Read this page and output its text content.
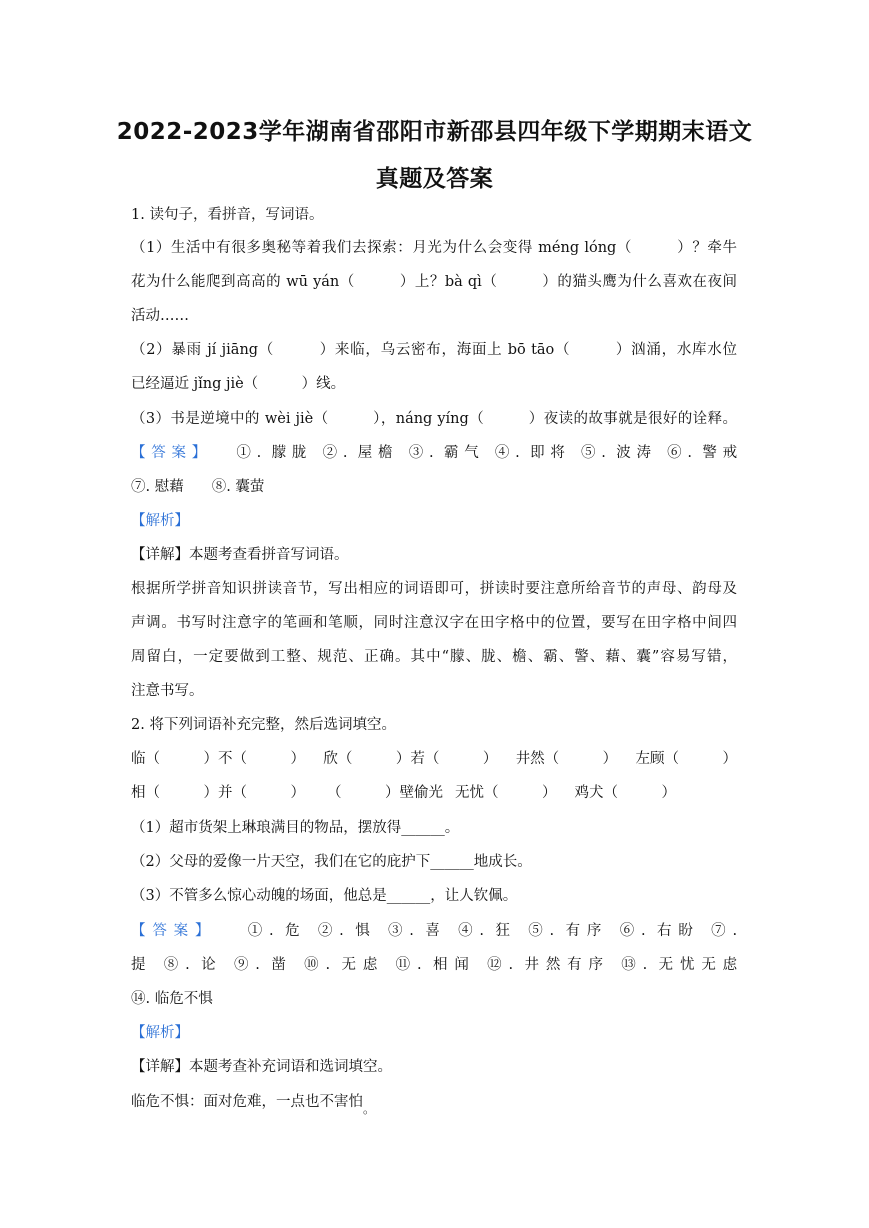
2022-2023学年湖南省邵阳市新邵县四年级下学期期末语文
真题及答案
1. 读句子，看拼音，写词语。
（1）生活中有很多奥秘等着我们去探索：月光为什么会变得 méng lóng（　　　）？牵牛
花为什么能爬到高高的 wū yán（　　　）上？bà qì（　　　）的猫头鹰为什么喜欢在夜间
活动……
（2）暴雨 jí jiāng（　　　）来临，乌云密布，海面上 bō tāo（　　　）汹涌，水库水位
已经逼近 jǐng jiè（　　　）线。
（3）书是逆境中的 wèi jiè（　　　），náng yíng（　　　）夜读的故事就是很好的诠释。
【答案】 ①. 朦胧 ②. 屋檐 ③. 霸气 ④. 即将 ⑤. 波涛 ⑥. 警戒
⑦. 慰藉 ⑧. 囊萤
【解析】
【详解】本题考查看拼音写词语。
根据所学拼音知识拼读音节，写出相应的词语即可，拼读时要注意所给音节的声母、韵母及
声调。书写时注意字的笔画和笔顺，同时注意汉字在田字格中的位置，要写在田字格中间四
周留白，一定要做到工整、规范、正确。其中“朦、胧、檐、霸、警、藉、囊”容易写错，
注意书写。
2. 将下列词语补充完整，然后选词填空。
临（　　　）不（　　　） 欣（　　　）若（　　　） 井然（　　　） 左顾（　　　）
相（　　　）并（　　　） （　　　）壁偷光 无忧（　　　） 鸡犬（　　　）
（1）超市货架上琳琅满目的物品，摆放得______。
（2）父母的爱像一片天空，我们在它的庇护下______地成长。
（3）不管多么惊心动魄的场面，他总是______，让人钦佩。
【答案】 ①. 危 ②. 惧 ③. 喜 ④. 狂 ⑤. 有序 ⑥. 右盼 ⑦.
提 ⑧. 论 ⑨. 凿 ⑩. 无虑 ⑪. 相闻 ⑫. 井然有序 ⑬. 无忧无虑
⑭. 临危不惧
【解析】
【详解】本题考查补充词语和选词填空。
临危不惧：面对危难，一点也不害怕$_。$
